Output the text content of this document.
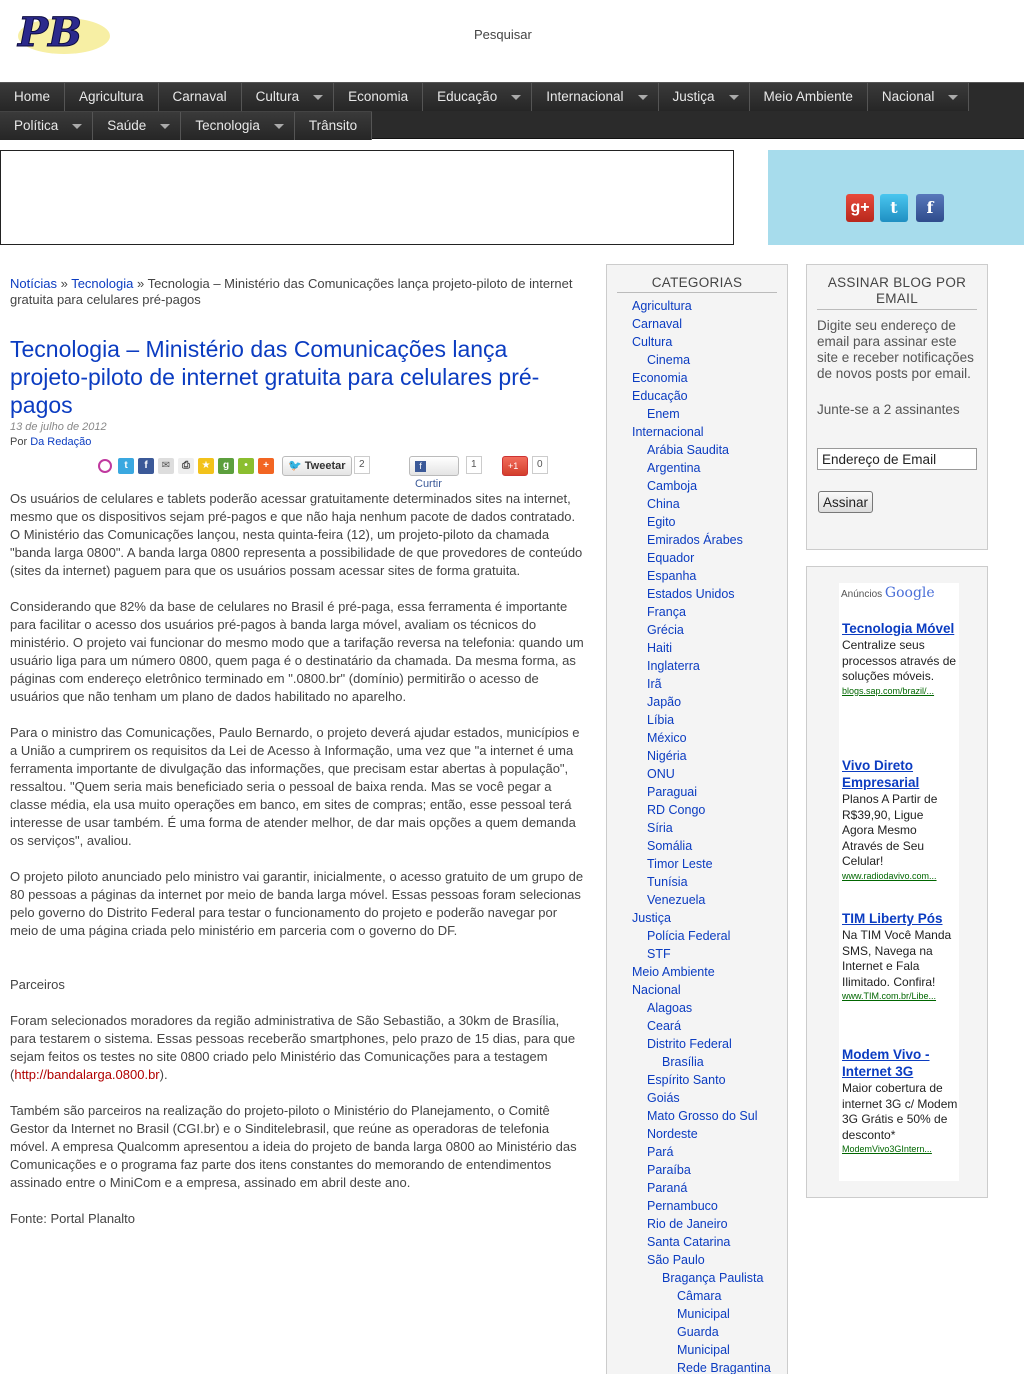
PB	Pesquisar
Home	Agricultura	Carnaval	Cultura	Economia	Educação	Internacional	Justiça	Meio Ambiente	Nacional
Política	Saúde	Tecnologia	Trânsito
g+	t	f
Notícias » Tecnologia » Tecnologia – Ministério das Comunicações lança projeto-piloto de internet gratuita para celulares pré-pagos
Tecnologia – Ministério das Comunicações lança projeto-piloto de internet gratuita para celulares pré-pagos
13 de julho de 2012
Por Da Redação
t	f	✉	⎙	★	g	•	+	🐦 Tweetar	2	f Curtir
1	+1	0

Os usuários de celulares e tablets poderão acessar gratuitamente determinados sites na internet, mesmo que os dispositivos sejam pré-pagos e que não haja nenhum pacote de dados contratado. O Ministério das Comunicações lançou, nesta quinta-feira (12), um projeto-piloto da chamada "banda larga 0800". A banda larga 0800 representa a possibilidade de que provedores de conteúdo (sites da internet) paguem para que os usuários possam acessar sites de forma gratuita.

Considerando que 82% da base de celulares no Brasil é pré-paga, essa ferramenta é importante para facilitar o acesso dos usuários pré-pagos à banda larga móvel, avaliam os técnicos do ministério. O projeto vai funcionar do mesmo modo que a tarifação reversa na telefonia: quando um usuário liga para um número 0800, quem paga é o destinatário da chamada. Da mesma forma, as páginas com endereço eletrônico terminado em ".0800.br" (domínio) permitirão o acesso de usuários que não tenham um plano de dados habilitado no aparelho.

Para o ministro das Comunicações, Paulo Bernardo, o projeto deverá ajudar estados, municípios e a União a cumprirem os requisitos da Lei de Acesso à Informação, uma vez que "a internet é uma ferramenta importante de divulgação das informações, que precisam estar abertas à população", ressaltou. "Quem seria mais beneficiado seria o pessoal de baixa renda. Mas se você pegar a classe média, ela usa muito operações em banco, em sites de compras; então, esse pessoal terá interesse de usar também. É uma forma de atender melhor, de dar mais opções a quem demanda os serviços", avaliou.

O projeto piloto anunciado pelo ministro vai garantir, inicialmente, o acesso gratuito de um grupo de 80 pessoas a páginas da internet por meio de banda larga móvel. Essas pessoas foram selecionas pelo governo do Distrito Federal para testar o funcionamento do projeto e poderão navegar por meio de uma página criada pelo ministério em parceria com o governo do DF.

Parceiros

Foram selecionados moradores da região administrativa de São Sebastião, a 30km de Brasília, para testarem o sistema. Essas pessoas receberão smartphones, pelo prazo de 15 dias, para que sejam feitos os testes no site 0800 criado pelo Ministério das Comunicações para a testagem (http://bandalarga.0800.br).

Também são parceiros na realização do projeto-piloto o Ministério do Planejamento, o Comitê Gestor da Internet no Brasil (CGI.br) e o Sinditelebrasil, que reúne as operadoras de telefonia móvel. A empresa Qualcomm apresentou a ideia do projeto de banda larga 0800 ao Ministério das Comunicações e o programa faz parte dos itens constantes do memorando de entendimentos assinado entre o MiniCom e a empresa, assinado em abril deste ano.

Fonte: Portal Planalto

CATEGORIAS
Agricultura
Carnaval
Cultura
Cinema
Economia
Educação
Enem
Internacional
Arábia Saudita
Argentina
Camboja
China
Egito
Emirados Árabes
Equador
Espanha
Estados Unidos
França
Grécia
Haiti
Inglaterra
Irã
Japão
Líbia
México
Nigéria
ONU
Paraguai
RD Congo
Síria
Somália
Timor Leste
Tunísia
Venezuela
Justiça
Polícia Federal
STF
Meio Ambiente
Nacional
Alagoas
Ceará
Distrito Federal
Brasília
Espírito Santo
Goiás
Mato Grosso do Sul
Nordeste
Pará
Paraíba
Paraná
Pernambuco
Rio de Janeiro
Santa Catarina
São Paulo
Bragança Paulista
Câmara
Municipal
Guarda
Municipal
Rede Bragantina
ASSINAR BLOG POR EMAIL
Digite seu endereço de email para assinar este site e receber notificações de novos posts por email.
Junte-se a 2 assinantes
Endereço de Email
Assinar
Anúncios Google
Tecnologia Móvel
Centralize seus processos através de soluções móveis.
blogs.sap.com/brazil/...
Vivo Direto Empresarial
Planos A Partir de R$39,90, Ligue Agora Mesmo Através de Seu Celular!
www.radiodavivo.com...
TIM Liberty Pós
Na TIM Você Manda SMS, Navega na Internet e Fala Ilimitado. Confira!
www.TIM.com.br/Libe...
Modem Vivo - Internet 3G
Maior cobertura de internet 3G c/ Modem 3G Grátis e 50% de desconto*
ModemVivo3GIntern...
